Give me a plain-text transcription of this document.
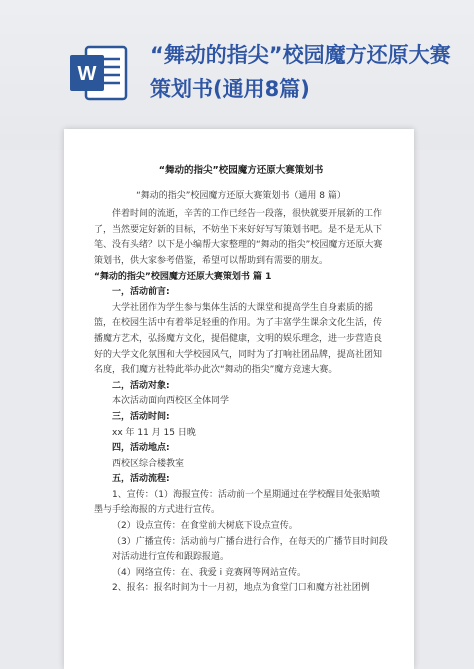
W
“舞动的指尖”校园魔方还原大赛策划书(通用8篇)

“舞动的指尖”校园魔方还原大赛策划书

“舞动的指尖”校园魔方还原大赛策划书（通用 8 篇）

伴着时间的流逝，辛苦的工作已经告一段落，很快就要开展新的工作了，当然要定好新的目标，不妨坐下来好好写写策划书吧。是不是无从下笔、没有头绪？以下是小编帮大家整理的“舞动的指尖”校园魔方还原大赛策划书，供大家参考借鉴，希望可以帮助到有需要的朋友。

“舞动的指尖”校园魔方还原大赛策划书 篇 1

一，活动前言:

大学社团作为学生参与集体生活的大课堂和提高学生自身素质的摇篮，在校园生活中有着举足轻重的作用。为了丰富学生课余文化生活，传播魔方艺术，弘扬魔方文化，提倡健康，文明的娱乐理念，进一步营造良好的大学文化氛围和大学校园风气，同时为了打响社团品牌，提高社团知名度，我们魔方社特此举办此次“舞动的指尖”魔方竞速大赛。

二，活动对象:

本次活动面向西校区全体同学

三，活动时间:

xx 年 11 月 15 日晚

四，活动地点:

西校区综合楼教室

五，活动流程:

1、宣传：（1）海报宣传：活动前一个星期通过在学校醒目处张贴喷墨与手绘海报的方式进行宣传。

（2）设点宣传：在食堂前大树底下设点宣传。

（3）广播宣传：活动前与广播台进行合作，在每天的广播节目时间段对活动进行宣传和跟踪报道。

（4）网络宣传：在、我爱 i 竞赛网等网站宣传。

2、报名：报名时间为十一月初，地点为食堂门口和魔方社社团例
